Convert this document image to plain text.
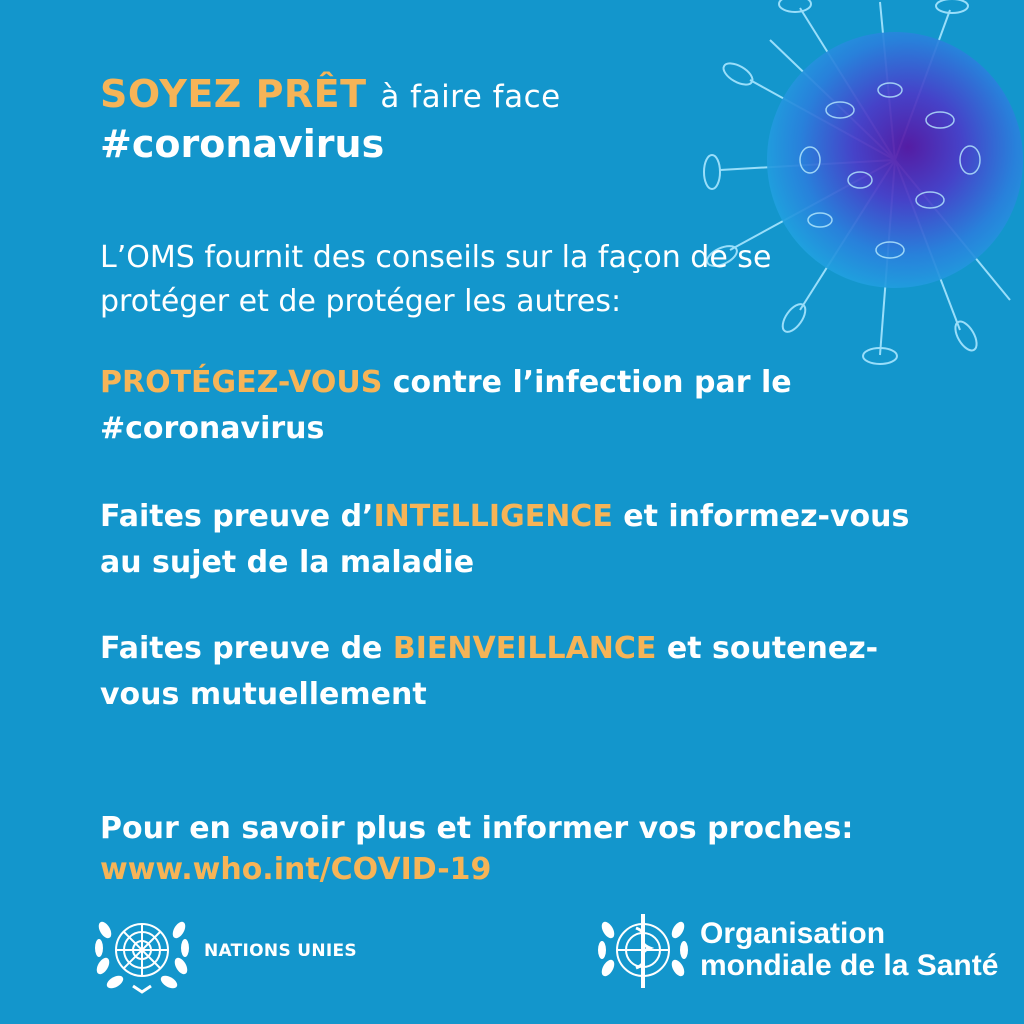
SOYEZ PRÊT à faire face
#coronavirus
L’OMS fournit des conseils sur la façon de se
protéger et de protéger les autres:
PROTÉGEZ-VOUS contre l’infection par le
#coronavirus
Faites preuve d’INTELLIGENCE et informez-vous
au sujet de la maladie
Faites preuve de BIENVEILLANCE et soutenez-
vous mutuellement
Pour en savoir plus et informer vos proches:
www.who.int/COVID-19
NATIONS UNIES
Organisation
mondiale de la Santé
